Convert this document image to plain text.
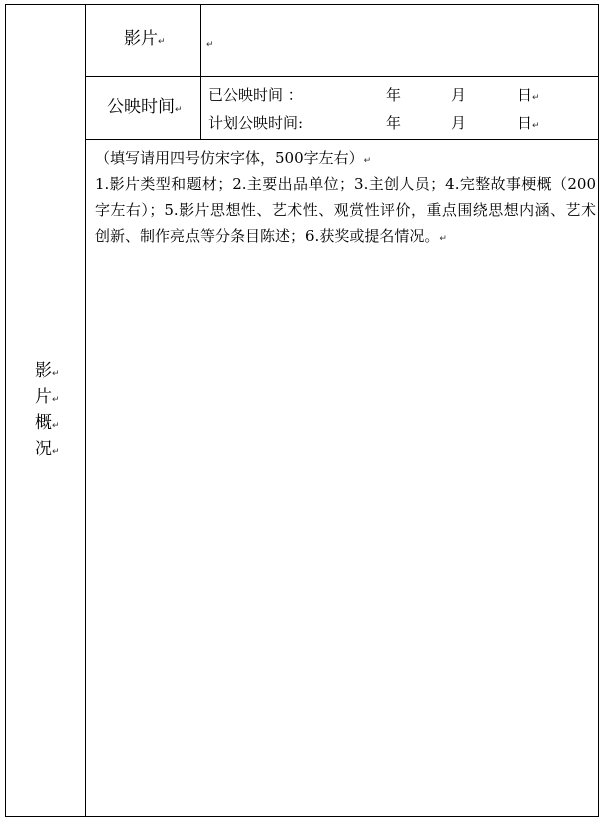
影片↵	↵
公映时间↵
已公映时间 ：	年	月	日↵
计划公映时间:	年	月	日↵
影↵
片↵
概↵
况↵
（填写请用四号仿宋字体，500字左右）↵
1.影片类型和题材；2.主要出品单位；3.主创人员；4.完整故事梗概（200字左右）；5.影片思想性、艺术性、观赏性评价，重点围绕思想内涵、艺术创新、制作亮点等分条目陈述；6.获奖或提名情况。↵
